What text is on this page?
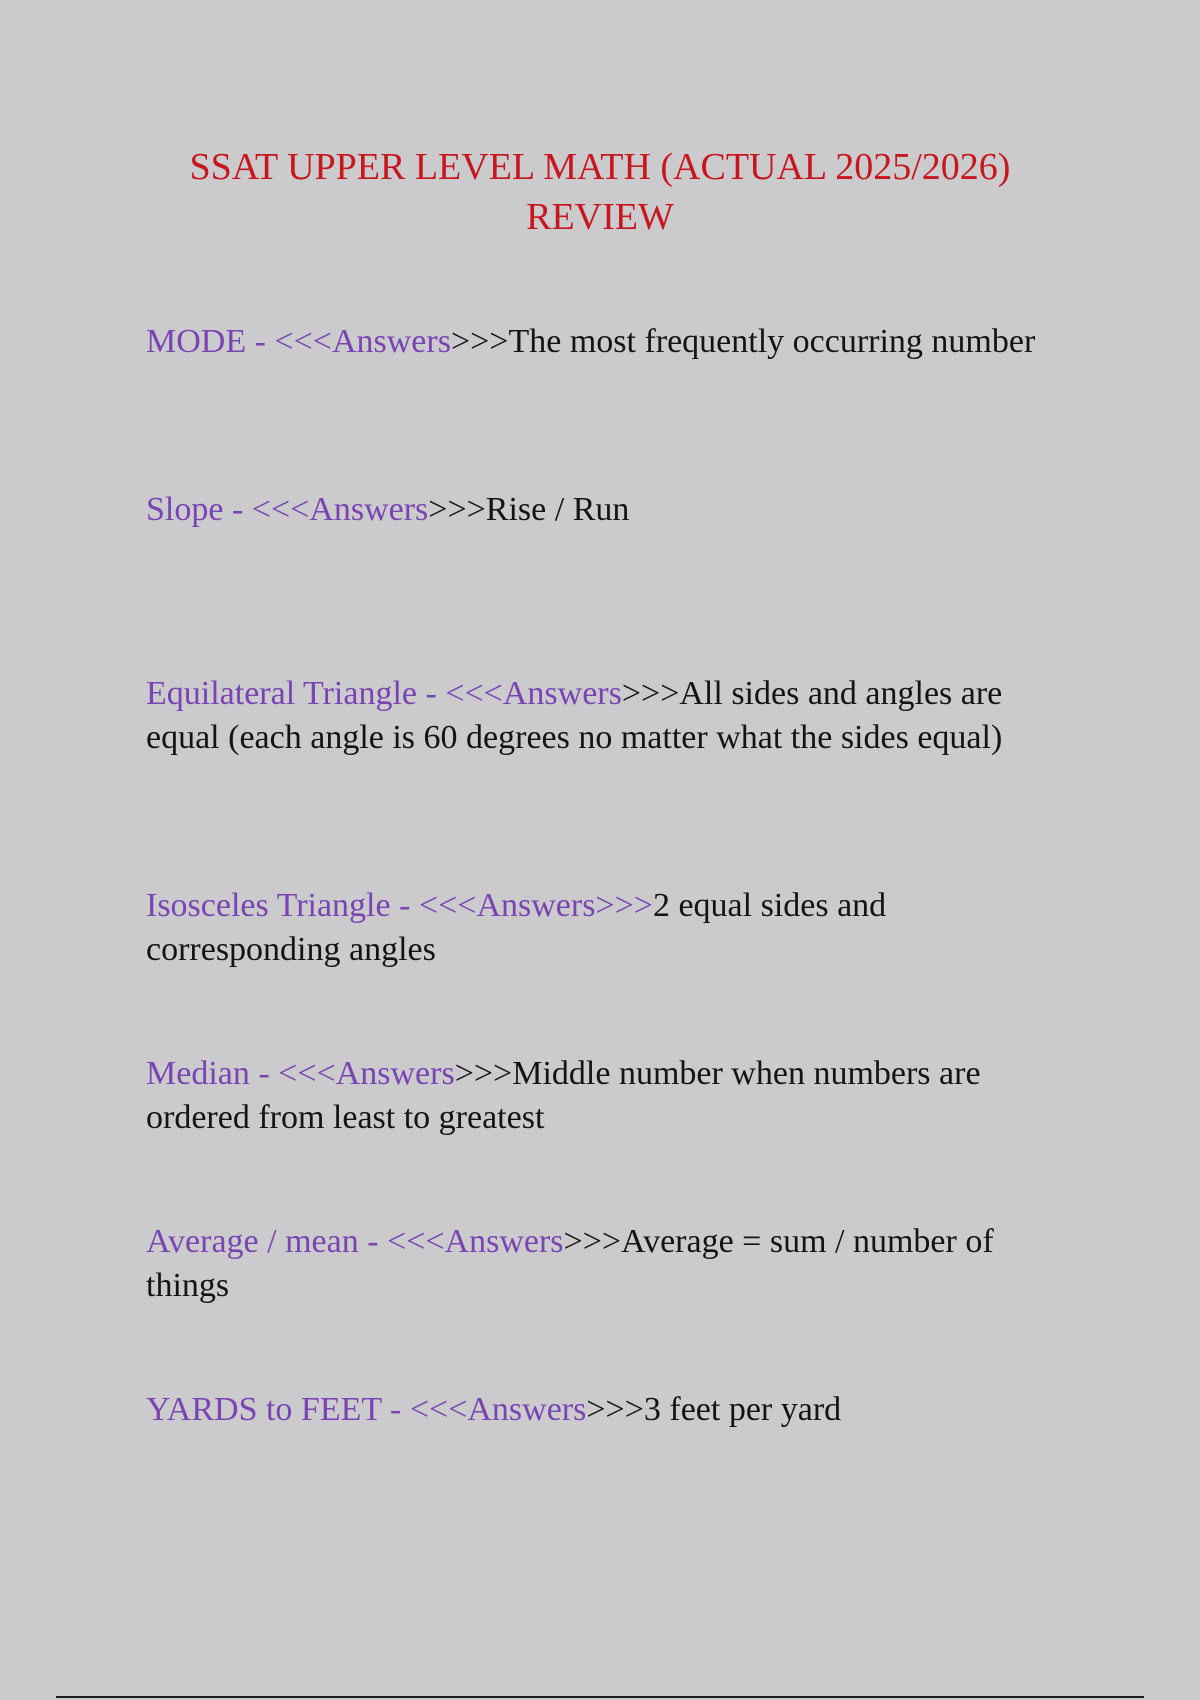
SSAT UPPER LEVEL MATH (ACTUAL 2025/2026)
REVIEW

MODE - <<<Answers>>>The most frequently occurring number

Slope - <<<Answers>>>Rise / Run

Equilateral Triangle - <<<Answers>>>All sides and angles are equal (each angle is 60 degrees no matter what the sides equal)

Isosceles Triangle - <<<Answers>>>2 equal sides and corresponding angles

Median - <<<Answers>>>Middle number when numbers are ordered from least to greatest

Average / mean - <<<Answers>>>Average = sum / number of things

YARDS to FEET - <<<Answers>>>3 feet per yard
